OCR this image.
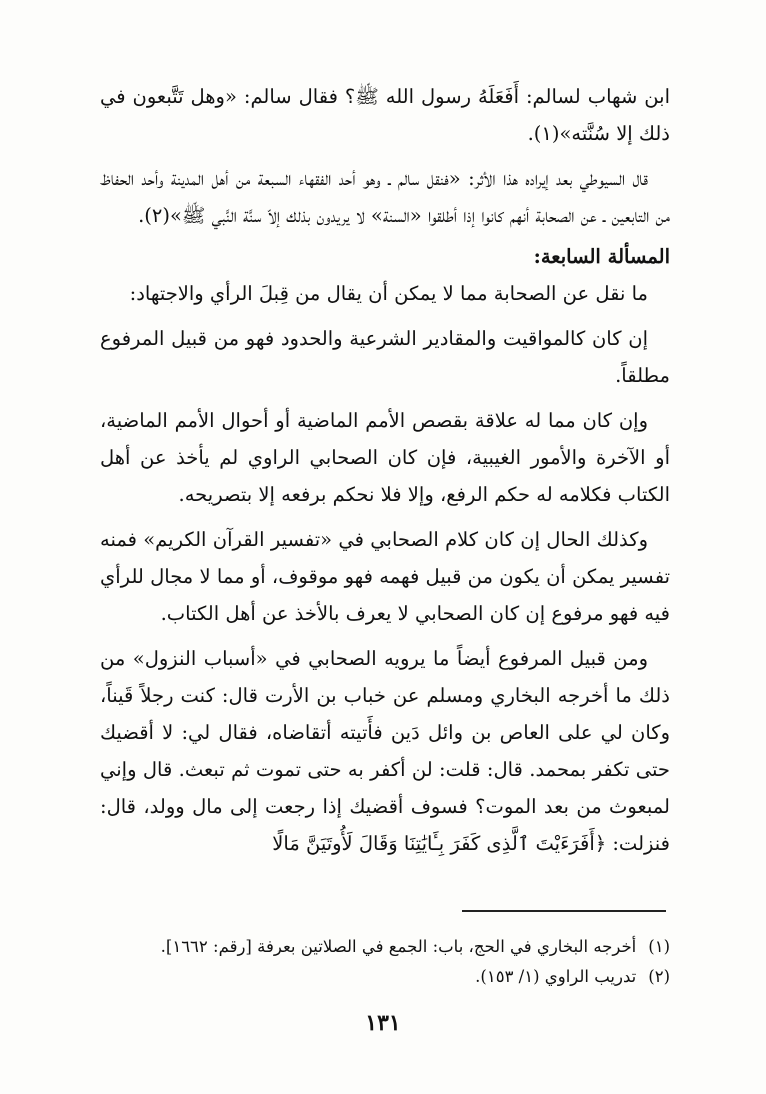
ابن شهاب لسالم: أَفَعَلَهُ رسول الله ﷺ؟ فقال سالم: «وهل تَتَّبعون في ذلك إلا سُنَّته»(١).

قال السيوطي بعد إيراده هذا الأثر: «فنقل سالم ـ وهو أحد الفقهاء السبعة من أهل المدينة وأحد الحفاظ من التابعين ـ عن الصحابة أنهم كانوا إذا أطلقوا «السنة» لا يريدون بذلك إلاّ سنَّة النَّبي ﷺ»(٢).

المسألة السابعة:

ما نقل عن الصحابة مما لا يمكن أن يقال من قِبلَ الرأي والاجتهاد:

إن كان كالمواقيت والمقادير الشرعية والحدود فهو من قبيل المرفوع مطلقاً.

وإن كان مما له علاقة بقصص الأمم الماضية أو أحوال الأمم الماضية، أو الآخرة والأمور الغيبية، فإن كان الصحابي الراوي لم يأخذ عن أهل الكتاب فكلامه له حكم الرفع، وإلا فلا نحكم برفعه إلا بتصريحه.

وكذلك الحال إن كان كلام الصحابي في «تفسير القرآن الكريم» فمنه تفسير يمكن أن يكون من قبيل فهمه فهو موقوف، أو مما لا مجال للرأي فيه فهو مرفوع إن كان الصحابي لا يعرف بالأخذ عن أهل الكتاب.

ومن قبيل المرفوع أيضاً ما يرويه الصحابي في «أسباب النزول» من ذلك ما أخرجه البخاري ومسلم عن خباب بن الأرت قال: كنت رجلاً قَيناً، وكان لي على العاص بن وائل دَين فأَتيته أتقاضاه، فقال لي: لا أقضيك حتى تكفر بمحمد. قال: قلت: لن أكفر به حتى تموت ثم تبعث. قال وإني لمبعوث من بعد الموت؟ فسوف أقضيك إذا رجعت إلى مال وولد، قال: فنزلت: ﴿أَفَرَءَيْتَ ٱلَّذِى كَفَرَ بِـَٔايَٰتِنَا وَقَالَ لَأُوتَيَنَّ مَالًا

(١)
أخرجه البخاري في الحج، باب: الجمع في الصلاتين بعرفة [رقم: ١٦٦٢].
(٢)
تدريب الراوي (١/ ١٥٣).
١٣١
